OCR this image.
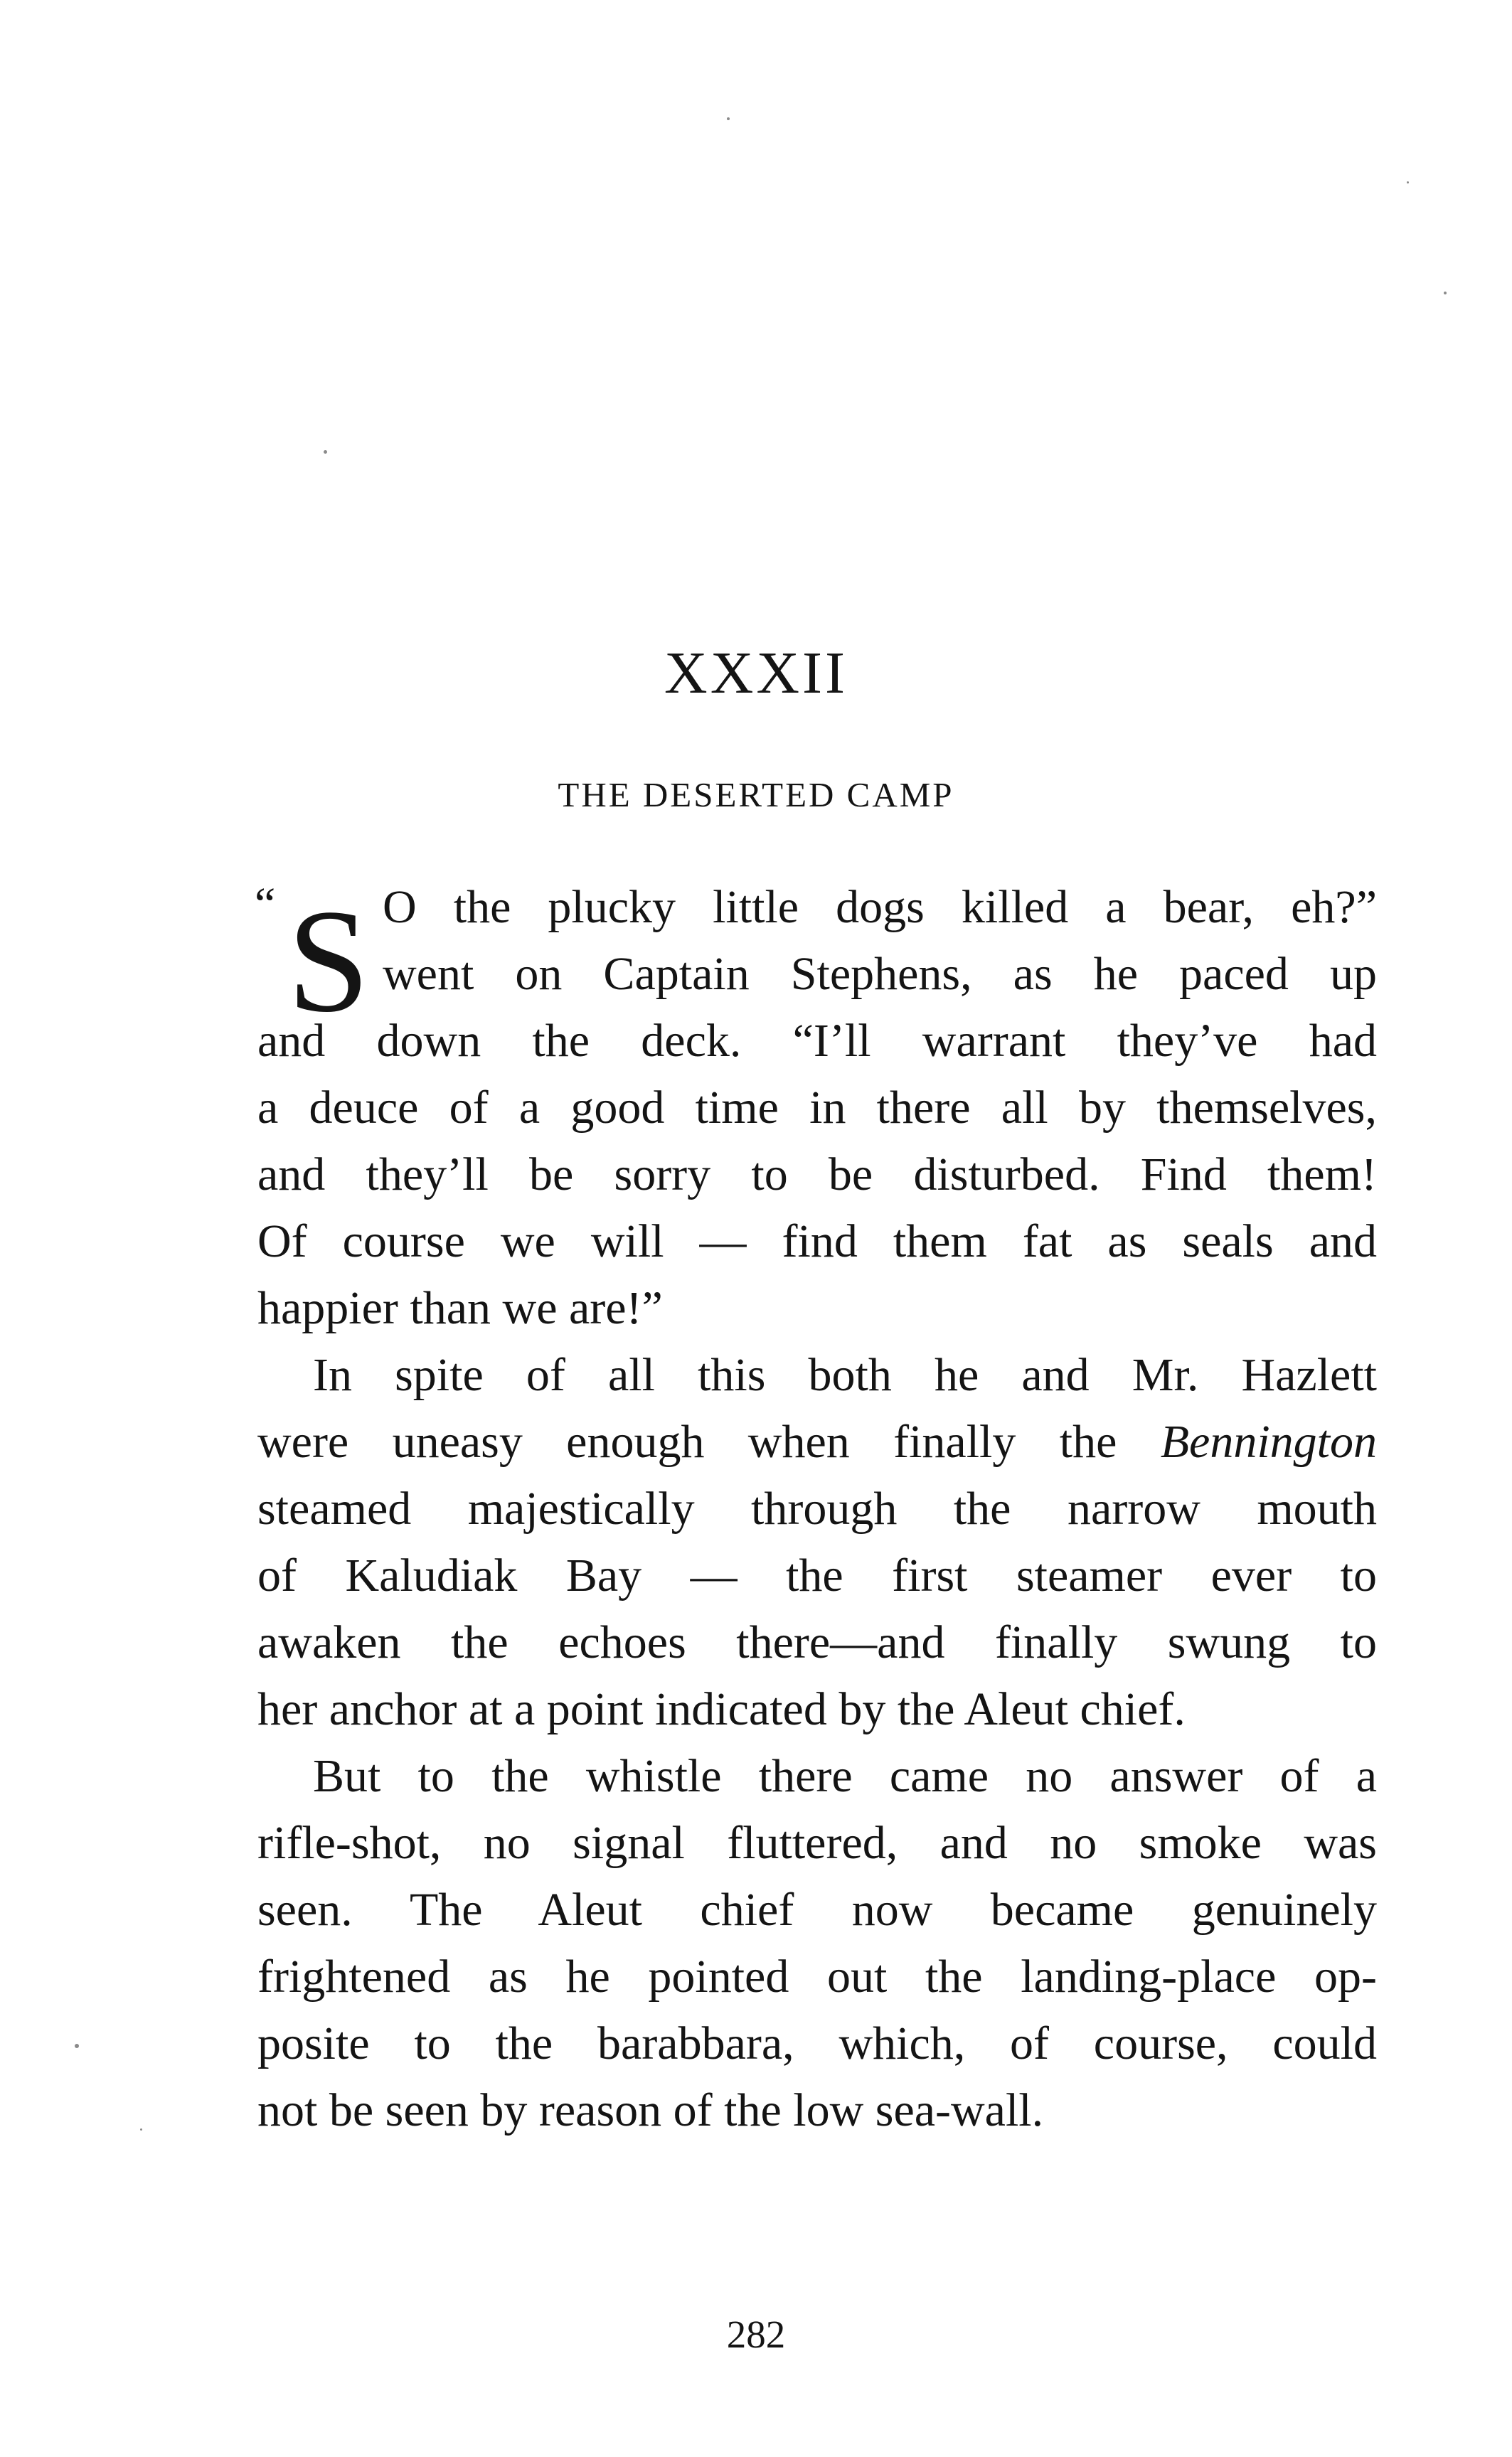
XXXII
THE DESERTED CAMP
“ S O the plucky little dogs killed a bear, eh?”
went on Captain Stephens, as he paced up
and down the deck. “I’ll warrant they’ve had
a deuce of a good time in there all by themselves,
and they’ll be sorry to be disturbed. Find them!
Of course we will — find them fat as seals and
happier than we are!”
In spite of all this both he and Mr. Hazlett
were uneasy enough when finally the Bennington
steamed majestically through the narrow mouth
of Kaludiak Bay — the first steamer ever to
awaken the echoes there—and finally swung to
her anchor at a point indicated by the Aleut chief.
But to the whistle there came no answer of a
rifle-shot, no signal fluttered, and no smoke was
seen. The Aleut chief now became genuinely
frightened as he pointed out the landing-place op-
posite to the barabbara, which, of course, could
not be seen by reason of the low sea-wall.
282
